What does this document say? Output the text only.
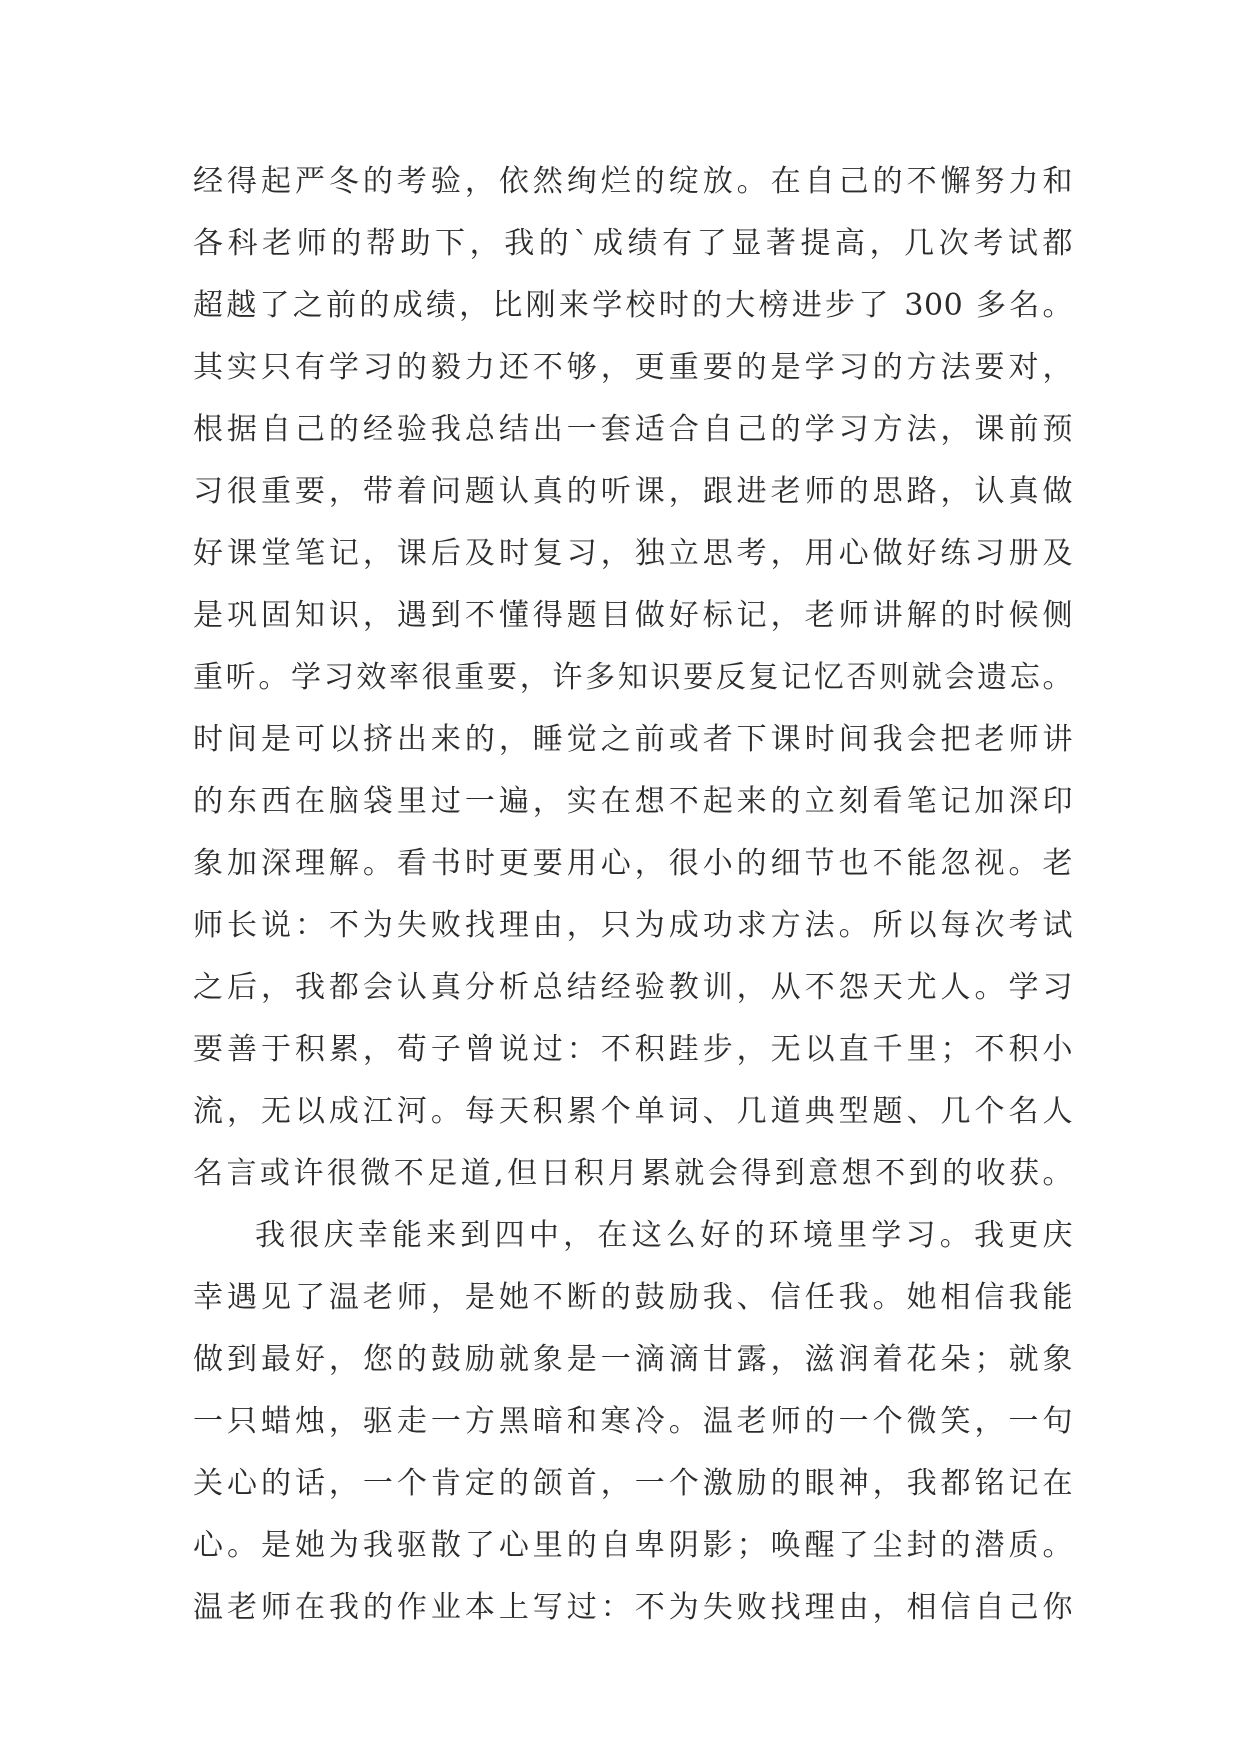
经得起严冬的考验，依然绚烂的绽放。在自己的不懈努力和
各科老师的帮助下，我的`成绩有了显著提高，几次考试都
超越了之前的成绩，比刚来学校时的大榜进步了 300 多名。
其实只有学习的毅力还不够，更重要的是学习的方法要对，
根据自己的经验我总结出一套适合自己的学习方法，课前预
习很重要，带着问题认真的听课，跟进老师的思路，认真做
好课堂笔记，课后及时复习，独立思考，用心做好练习册及
是巩固知识，遇到不懂得题目做好标记，老师讲解的时候侧
重听。学习效率很重要，许多知识要反复记忆否则就会遗忘。
时间是可以挤出来的，睡觉之前或者下课时间我会把老师讲
的东西在脑袋里过一遍，实在想不起来的立刻看笔记加深印
象加深理解。看书时更要用心，很小的细节也不能忽视。老
师长说：不为失败找理由，只为成功求方法。所以每次考试
之后，我都会认真分析总结经验教训，从不怨天尤人。学习
要善于积累，荀子曾说过：不积跬步，无以直千里；不积小
流，无以成江河。每天积累个单词、几道典型题、几个名人
名言或许很微不足道,但日积月累就会得到意想不到的收获。
我很庆幸能来到四中，在这么好的环境里学习。我更庆
幸遇见了温老师，是她不断的鼓励我、信任我。她相信我能
做到最好，您的鼓励就象是一滴滴甘露，滋润着花朵；就象
一只蜡烛，驱走一方黑暗和寒冷。温老师的一个微笑，一句
关心的话，一个肯定的颌首，一个激励的眼神，我都铭记在
心。是她为我驱散了心里的自卑阴影；唤醒了尘封的潜质。
温老师在我的作业本上写过：不为失败找理由，相信自己你
